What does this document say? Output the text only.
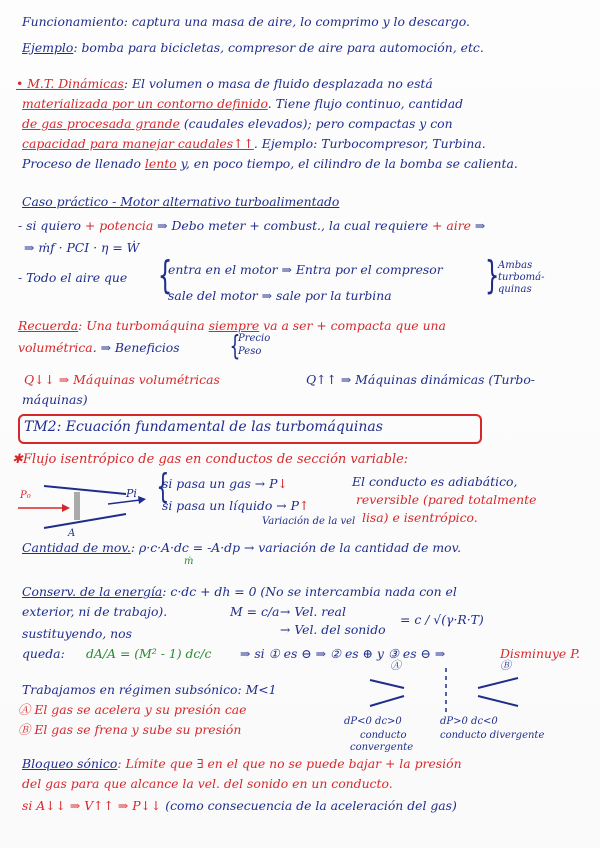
Funcionamiento: captura una masa de aire, lo comprimo y lo descargo.
Ejemplo: bomba para bicicletas, compresor de aire para automoción, etc.
• M.T. Dinámicas: El volumen o masa de fluido desplazada no está
materializada por un contorno definido. Tiene flujo continuo, cantidad
de gas procesada grande (caudales elevados); pero compactas y con
capacidad para manejar caudales↑↑. Ejemplo: Turbocompresor, Turbina.
Proceso de llenado lento y, en poco tiempo, el cilindro de la bomba se calienta.
Caso práctico - Motor alternativo turboalimentado
- si quiero + potencia ⇒ Debo meter + combust., la cual requiere + aire ⇒
⇒ ṁf · PCI · η = Ẇ
- Todo el aire que {
entra en el motor ⇒ Entra por el compresor
sale del motor ⇒ sale por la turbina }
Ambas
turbomá-
quinas
Recuerda: Una turbomáquina siempre va a ser + compacta que una
volumétrica. ⇒ Beneficios {
Precio
Peso
Q↓↓ ⇒ Máquinas volumétricas	Q↑↑ ⇒ Máquinas dinámicas (Turbo-
máquinas)
TM2: Ecuación fundamental de las turbomáquinas
✱Flujo isentrópico de gas en conductos de sección variable:
P₀	Pi
A
{
si pasa un gas → P↓
si pasa un líquido → P↑
El conducto es adiabático,
reversible (pared totalmente
lisa) e isentrópico.
Variación de la vel
Cantidad de mov.: ρ·c·A·dc = -A·dp → variación de la cantidad de mov.
ṁ
Conserv. de la energía: c·dc + dh = 0 (No se intercambia nada con el
exterior, ni de trabajo).	M = c/a → Vel. real
→ Vel. del sonido
= c / √(γ·R·T)
sustituyendo, nos
queda: dA/A = (M² - 1) dc/c ⇒ si ① es ⊖ ⇒ ② es ⊕ y ③ es ⊖ ⇒	Disminuye P.
Trabajamos en régimen subsónico: M<1
Ⓐ El gas se acelera y su presión cae
Ⓑ El gas se frena y sube su presión
Ⓐ	Ⓑ
dP<0 dc>0	dP>0 dc<0
conducto
convergente
conducto divergente
Bloqueo sónico: Límite que ∃ en el que no se puede bajar + la presión
del gas para que alcance la vel. del sonido en un conducto.
si A↓↓ ⇒ V↑↑ ⇒ P↓↓ (como consecuencia de la aceleración del gas)
